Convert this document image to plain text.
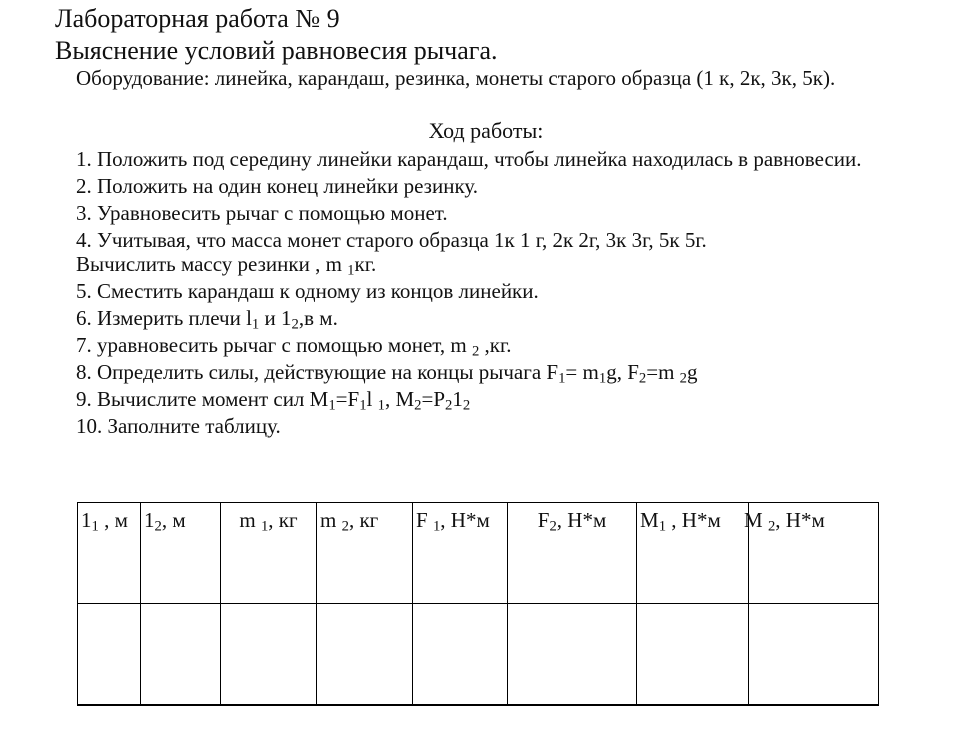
Лабораторная работа № 9
Выяснение условий равновесия рычага.
Оборудование: линейка, карандаш, резинка, монеты старого образца (1 к, 2к, 3к, 5к).
Ход работы:
1. Положить под середину линейки карандаш, чтобы линейка находилась в равновесии.
2. Положить на один конец линейки резинку.
3. Уравновесить рычаг с помощью монет.
4. Учитывая, что масса монет старого образца 1к 1 г, 2к 2г, 3к 3г, 5к 5г.
Вычислить массу резинки , m $_1$кг.
5. Сместить карандаш к одному из концов линейки.
6. Измерить плечи $l_1$ и $1_2,в$ м.
7. уравновесить рычаг с помощью монет, m $_2$ ,кг.
8. Определить силы, действующие на концы рычага $F_1= m_1g$, $F_2=m$ $_2$g
9. Вычислите момент сил $M_1=F_1l$ $_1$, $M_2=P_21_2$
10. Заполните таблицу.
$1_1$ , м	$1_2$, м	m $_1$, кг	m $_2$, кг	F $_1$, Н*м	$F_2$, Н*м	$M_1$ , Н*м	M $_2$, Н*м
